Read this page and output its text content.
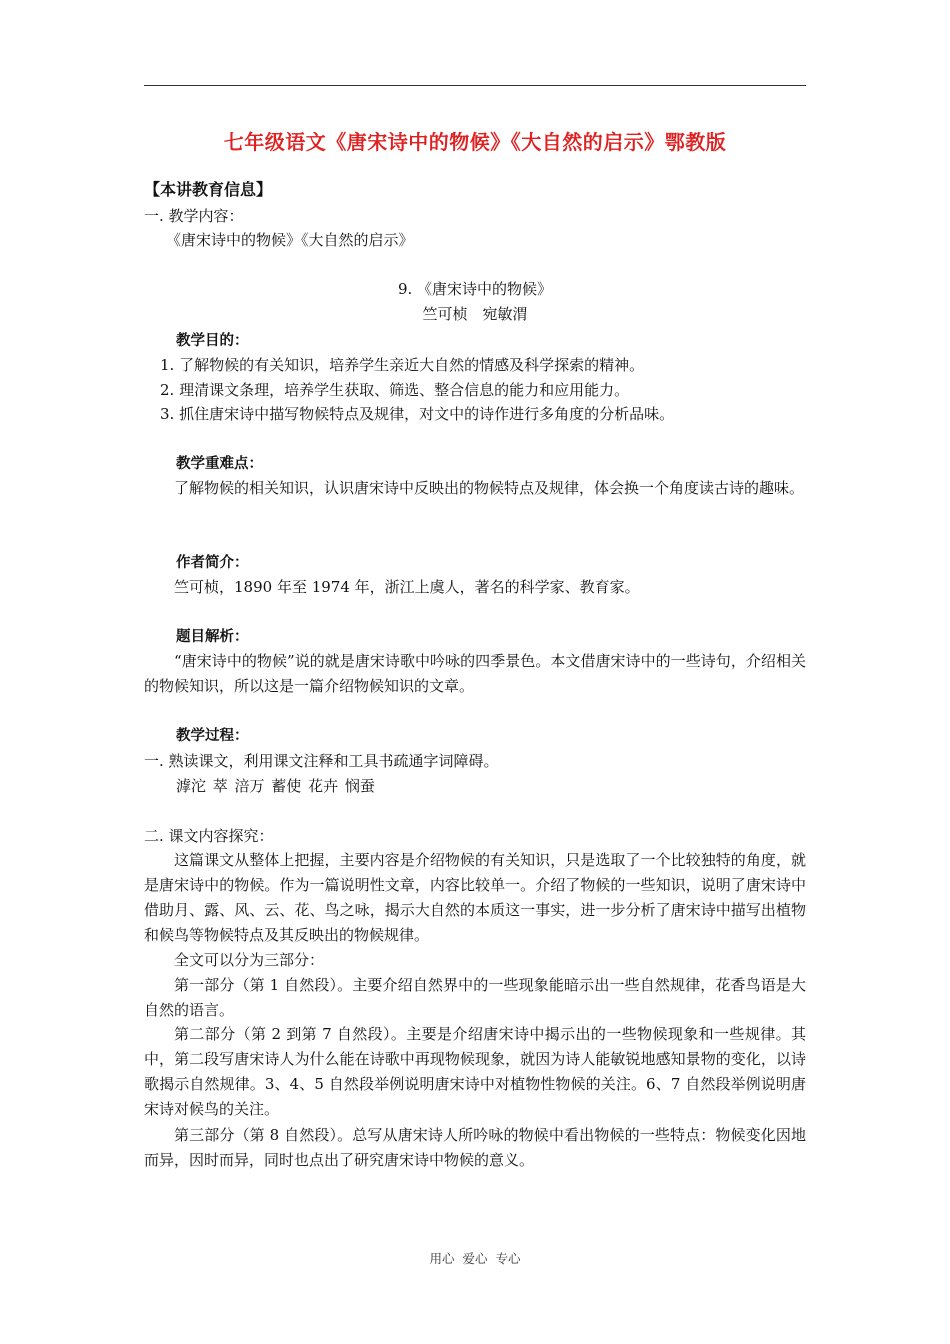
七年级语文《唐宋诗中的物候》《大自然的启示》鄂教版
【本讲教育信息】
一. 教学内容：
《唐宋诗中的物候》《大自然的启示》
9. 《唐宋诗中的物候》
竺可桢　宛敏渭
教学目的：
1. 了解物候的有关知识，培养学生亲近大自然的情感及科学探索的精神。
2. 理清课文条理，培养学生获取、筛选、整合信息的能力和应用能力。
3. 抓住唐宋诗中描写物候特点及规律，对文中的诗作进行多角度的分析品味。
教学重难点：

了解物候的相关知识，认识唐宋诗中反映出的物候特点及规律，体会换一个角度读古诗的趣味。

作者简介：

竺可桢，1890 年至 1974 年，浙江上虞人，著名的科学家、教育家。

题目解析：

“唐宋诗中的物候”说的就是唐宋诗歌中吟咏的四季景色。本文借唐宋诗中的一些诗句，介绍相关的物候知识，所以这是一篇介绍物候知识的文章。

教学过程：
一. 熟读课文，利用课文注释和工具书疏通字词障碍。
滹沱 萃 涪万 蓄使 花卉 悯蚕
二. 课文内容探究：

这篇课文从整体上把握，主要内容是介绍物候的有关知识，只是选取了一个比较独特的角度，就是唐宋诗中的物候。作为一篇说明性文章，内容比较单一。介绍了物候的一些知识，说明了唐宋诗中借助月、露、风、云、花、鸟之咏，揭示大自然的本质这一事实，进一步分析了唐宋诗中描写出植物和候鸟等物候特点及其反映出的物候规律。

全文可以分为三部分：

第一部分（第 1 自然段）。主要介绍自然界中的一些现象能暗示出一些自然规律，花香鸟语是大自然的语言。

第二部分（第 2 到第 7 自然段）。主要是介绍唐宋诗中揭示出的一些物候现象和一些规律。其中，第二段写唐宋诗人为什么能在诗歌中再现物候现象，就因为诗人能敏锐地感知景物的变化，以诗歌揭示自然规律。3、4、5 自然段举例说明唐宋诗中对植物性物候的关注。6、7 自然段举例说明唐宋诗对候鸟的关注。

第三部分（第 8 自然段）。总写从唐宋诗人所吟咏的物候中看出物候的一些特点：物候变化因地而异，因时而异，同时也点出了研究唐宋诗中物候的意义。

用心 爱心 专心
